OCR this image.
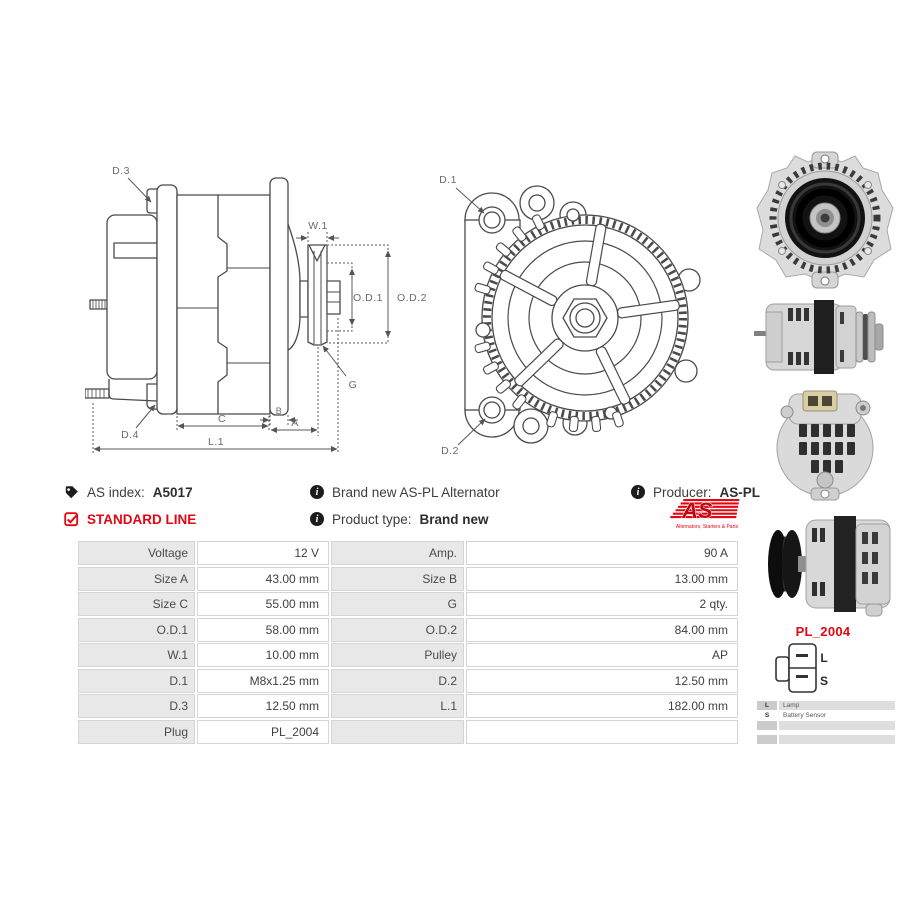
D.3
W.1
O.D.1 O.D.2
G
C
B
A
L.1
D.4
D.1
D.2
AS index: A5017	i	Brand new AS-PL Alternator	i	Producer: AS-PL
STANDARD LINE	i	Product type: Brand new	AS
Alternators, Starters & Parts
Voltage	12 V	Amp.	90 A
Size A	43.00 mm	Size B	13.00 mm
Size C	55.00 mm	G	2 qty.
O.D.1	58.00 mm	O.D.2	84.00 mm
W.1	10.00 mm	Pulley	AP
D.1	M8x1.25 mm	D.2	12.50 mm
D.3	12.50 mm	L.1	182.00 mm
Plug	PL_2004
PL_2004
L
S
L	Lamp
S	Battery Sensor
